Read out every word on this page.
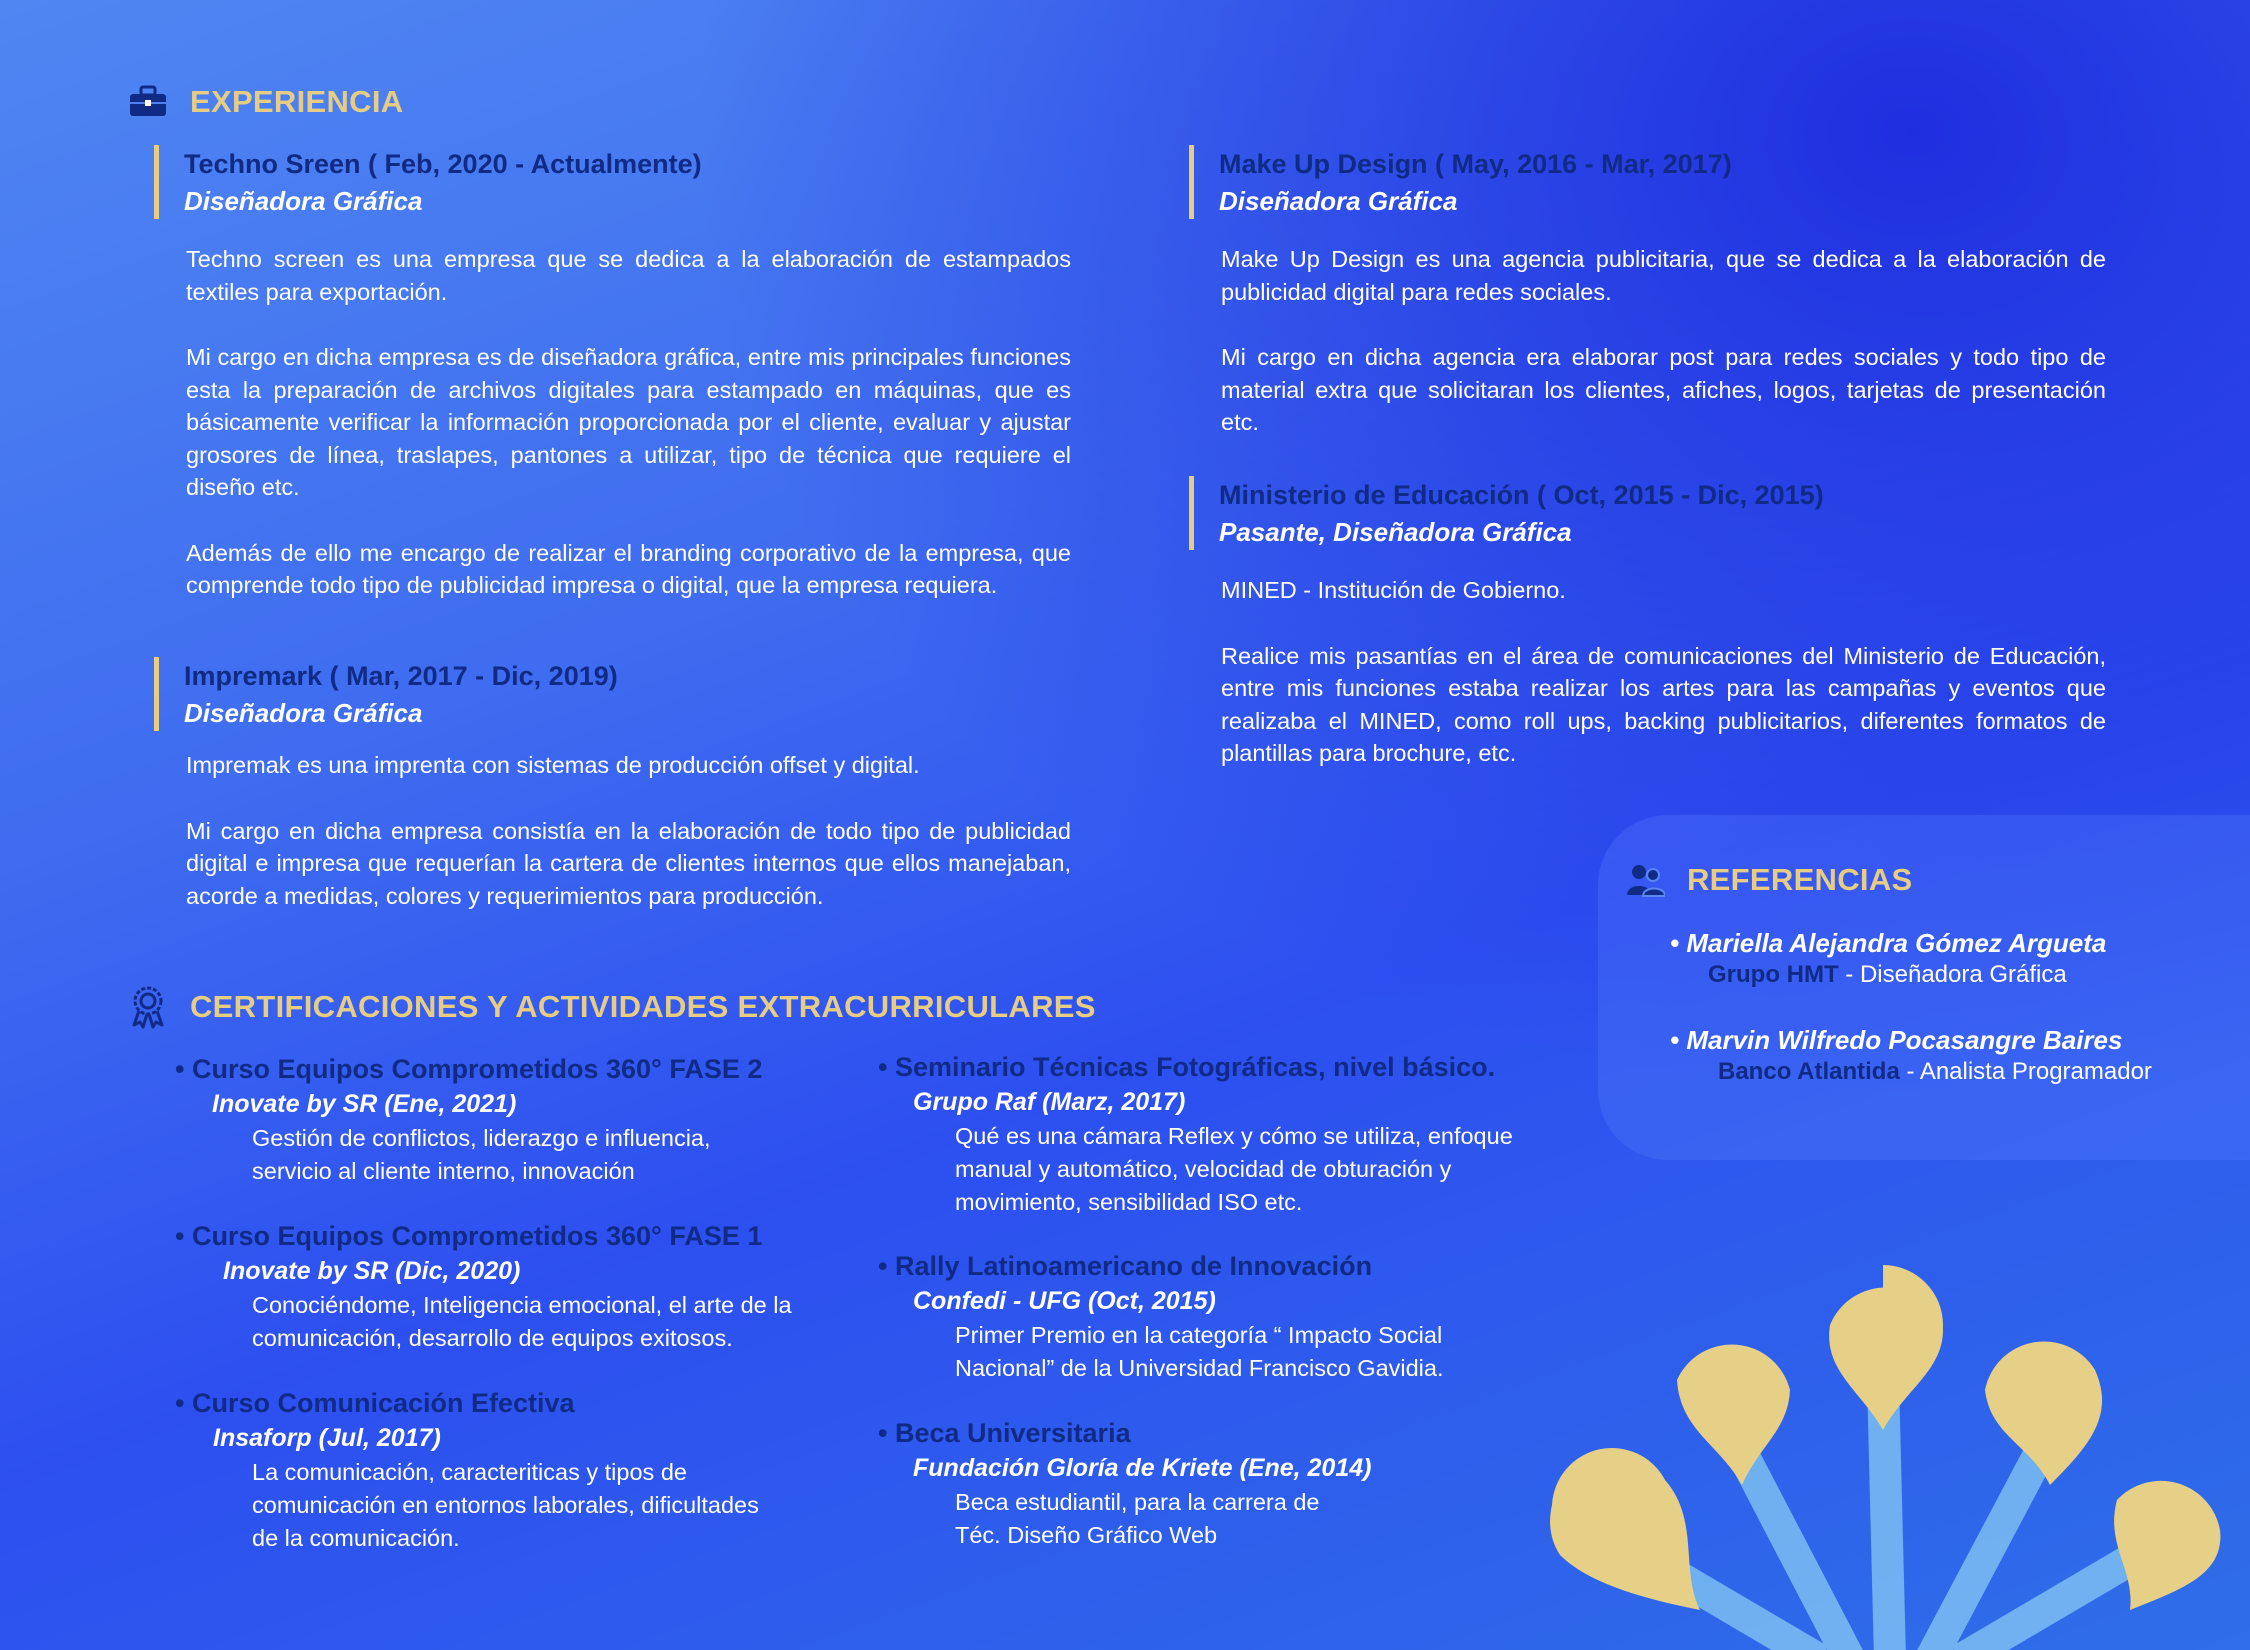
EXPERIENCIA
Techno Sreen ( Feb, 2020 - Actualmente)
Diseñadora Gráfica

Techno screen es una empresa que se dedica a la elaboración de estampados textiles para exportación.

Mi cargo en dicha empresa es de diseñadora gráfica, entre mis principales funciones esta la preparación de archivos digitales para estampado en máquinas, que es básicamente verificar la información proporcionada por el cliente, evaluar y ajustar grosores de línea, traslapes, pantones a utilizar, tipo de técnica que requiere el diseño etc.

Además de ello me encargo de realizar el branding corporativo de la empresa, que comprende todo tipo de publicidad impresa o digital, que la empresa requiera.

Impremark ( Mar, 2017 - Dic, 2019)
Diseñadora Gráfica

Impremak es una imprenta con sistemas de producción offset y digital.

Mi cargo en dicha empresa consistía en la elaboración de todo tipo de publicidad digital e impresa que requerían la cartera de clientes internos que ellos manejaban, acorde a medidas, colores y requerimientos para producción.

Make Up Design ( May, 2016 - Mar, 2017)
Diseñadora Gráfica

Make Up Design es una agencia publicitaria, que se dedica a la elaboración de publicidad digital para redes sociales.

Mi cargo en dicha agencia era elaborar post para redes sociales y todo tipo de material extra que solicitaran los clientes, afiches, logos, tarjetas de presentación etc.

Ministerio de Educación ( Oct, 2015 - Dic, 2015)
Pasante, Diseñadora Gráfica

MINED - Institución de Gobierno.

Realice mis pasantías en el área de comunicaciones del Ministerio de Educación, entre mis funciones estaba realizar los artes para las campañas y eventos que realizaba el MINED, como roll ups, backing publicitarios, diferentes formatos de plantillas para brochure, etc.

CERTIFICACIONES Y ACTIVIDADES EXTRACURRICULARES
• Curso Equipos Comprometidos 360° FASE 2
Inovate by SR (Ene, 2021)
Gestión de conflictos, liderazgo e influencia,
servicio al cliente interno, innovación
• Curso Equipos Comprometidos 360° FASE 1
Inovate by SR (Dic, 2020)
Conociéndome, Inteligencia emocional, el arte de la
comunicación, desarrollo de equipos exitosos.
• Curso Comunicación Efectiva
Insaforp (Jul, 2017)
La comunicación, caracteriticas y tipos de
comunicación en entornos laborales, dificultades
de la comunicación.
• Seminario Técnicas Fotográficas, nivel básico.
Grupo Raf (Marz, 2017)
Qué es una cámara Reflex y cómo se utiliza, enfoque
manual y automático, velocidad de obturación y
movimiento, sensibilidad ISO etc.
• Rally Latinoamericano de Innovación
Confedi - UFG (Oct, 2015)
Primer Premio en la categoría “ Impacto Social
Nacional” de la Universidad Francisco Gavidia.
• Beca Universitaria
Fundación Gloría de Kriete (Ene, 2014)
Beca estudiantil, para la carrera de
Téc. Diseño Gráfico Web
REFERENCIAS
• Mariella Alejandra Gómez Argueta
Grupo HMT - Diseñadora Gráfica
• Marvin Wilfredo Pocasangre Baires
Banco Atlantida - Analista Programador
